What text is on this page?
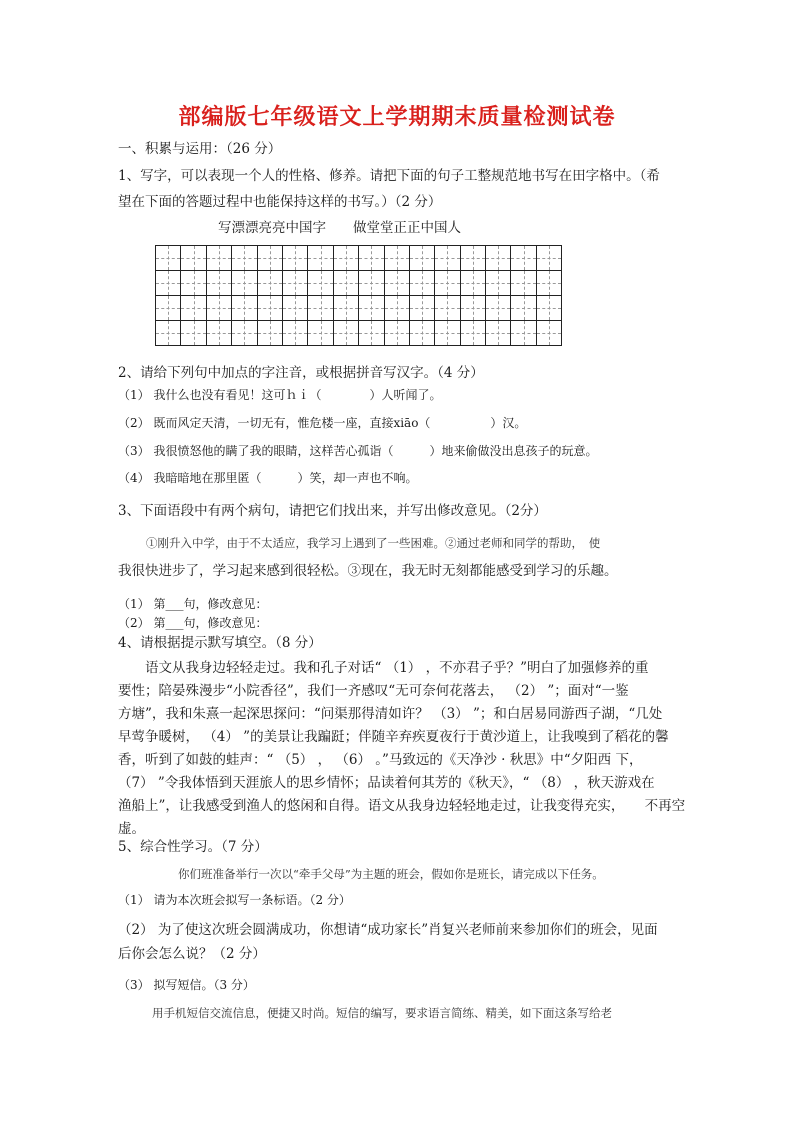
部编版七年级语文上学期期末质量检测试卷
一、积累与运用：（26 分）
1、写字，可以表现一个人的性格、修养。请把下面的句子工整规范地书写在田字格中。（希
望在下面的答题过程中也能保持这样的书写。）（2 分）
写漂漂亮亮中国字　　做堂堂正正中国人

2、请给下列句中加点的字注音，或根据拼音写汉字。（4 分）
（1） 我什么也没有看见！这可ｈｉ（　　　　）人听闻了。
（2） 既而风定天清，一切无有，惟危楼一座，直接xiāo（　　　　　）汉。
（3） 我很愤怒他的瞒了我的眼睛，这样苦心孤诣（　　　）地来偷做没出息孩子的玩意。
（4） 我暗暗地在那里匿（　　　）笑，却一声也不响。
3、下面语段中有两个病句，请把它们找出来，并写出修改意见。（2分）
①刚升入中学，由于不太适应，我学习上遇到了一些困难。②通过老师和同学的帮助，　使
我很快进步了，学习起来感到很轻松。③现在，我无时无刻都能感受到学习的乐趣。
（1） 第___句，修改意见：
（2） 第___句，修改意见：
4、请根据提示默写填空。（8 分）
　　语文从我身边轻轻走过。我和孔子对话“ （1） ，不亦君子乎？”明白了加强修养的重
要性；陪晏殊漫步“小院香径”，我们一齐感叹“无可奈何花落去， （2） ”；面对“一鉴
方塘”，我和朱熹一起深思探问：“问渠那得清如许？ （3） ”；和白居易同游西子湖，“几处
早莺争暖树， （4） ”的美景让我蹁跹；伴随辛弃疾夏夜行于黄沙道上，让我嗅到了稻花的馨
香，听到了如鼓的蛙声：“ （5） ， （6） 。”马致远的《天净沙 · 秋思》中“夕阳西 下，
（7） ”令我体悟到天涯旅人的思乡情怀；品读着何其芳的《秋天》，“ （8） ，秋天游戏在
渔船上”，让我感受到渔人的悠闲和自得。语文从我身边轻轻地走过，让我变得充实，　　不再空
虚。
5、综合性学习。（7 分）
你们班准备举行一次以“牵手父母”为主题的班会，假如你是班长，请完成以下任务。
（1） 请为本次班会拟写一条标语。（2 分）
（2） 为了使这次班会圆满成功，你想请“成功家长”肖复兴老师前来参加你们的班会，见面
后你会怎么说？（2 分）
（3） 拟写短信。（3 分）
用手机短信交流信息，便捷又时尚。短信的编写，要求语言简练、精美，如下面这条写给老
